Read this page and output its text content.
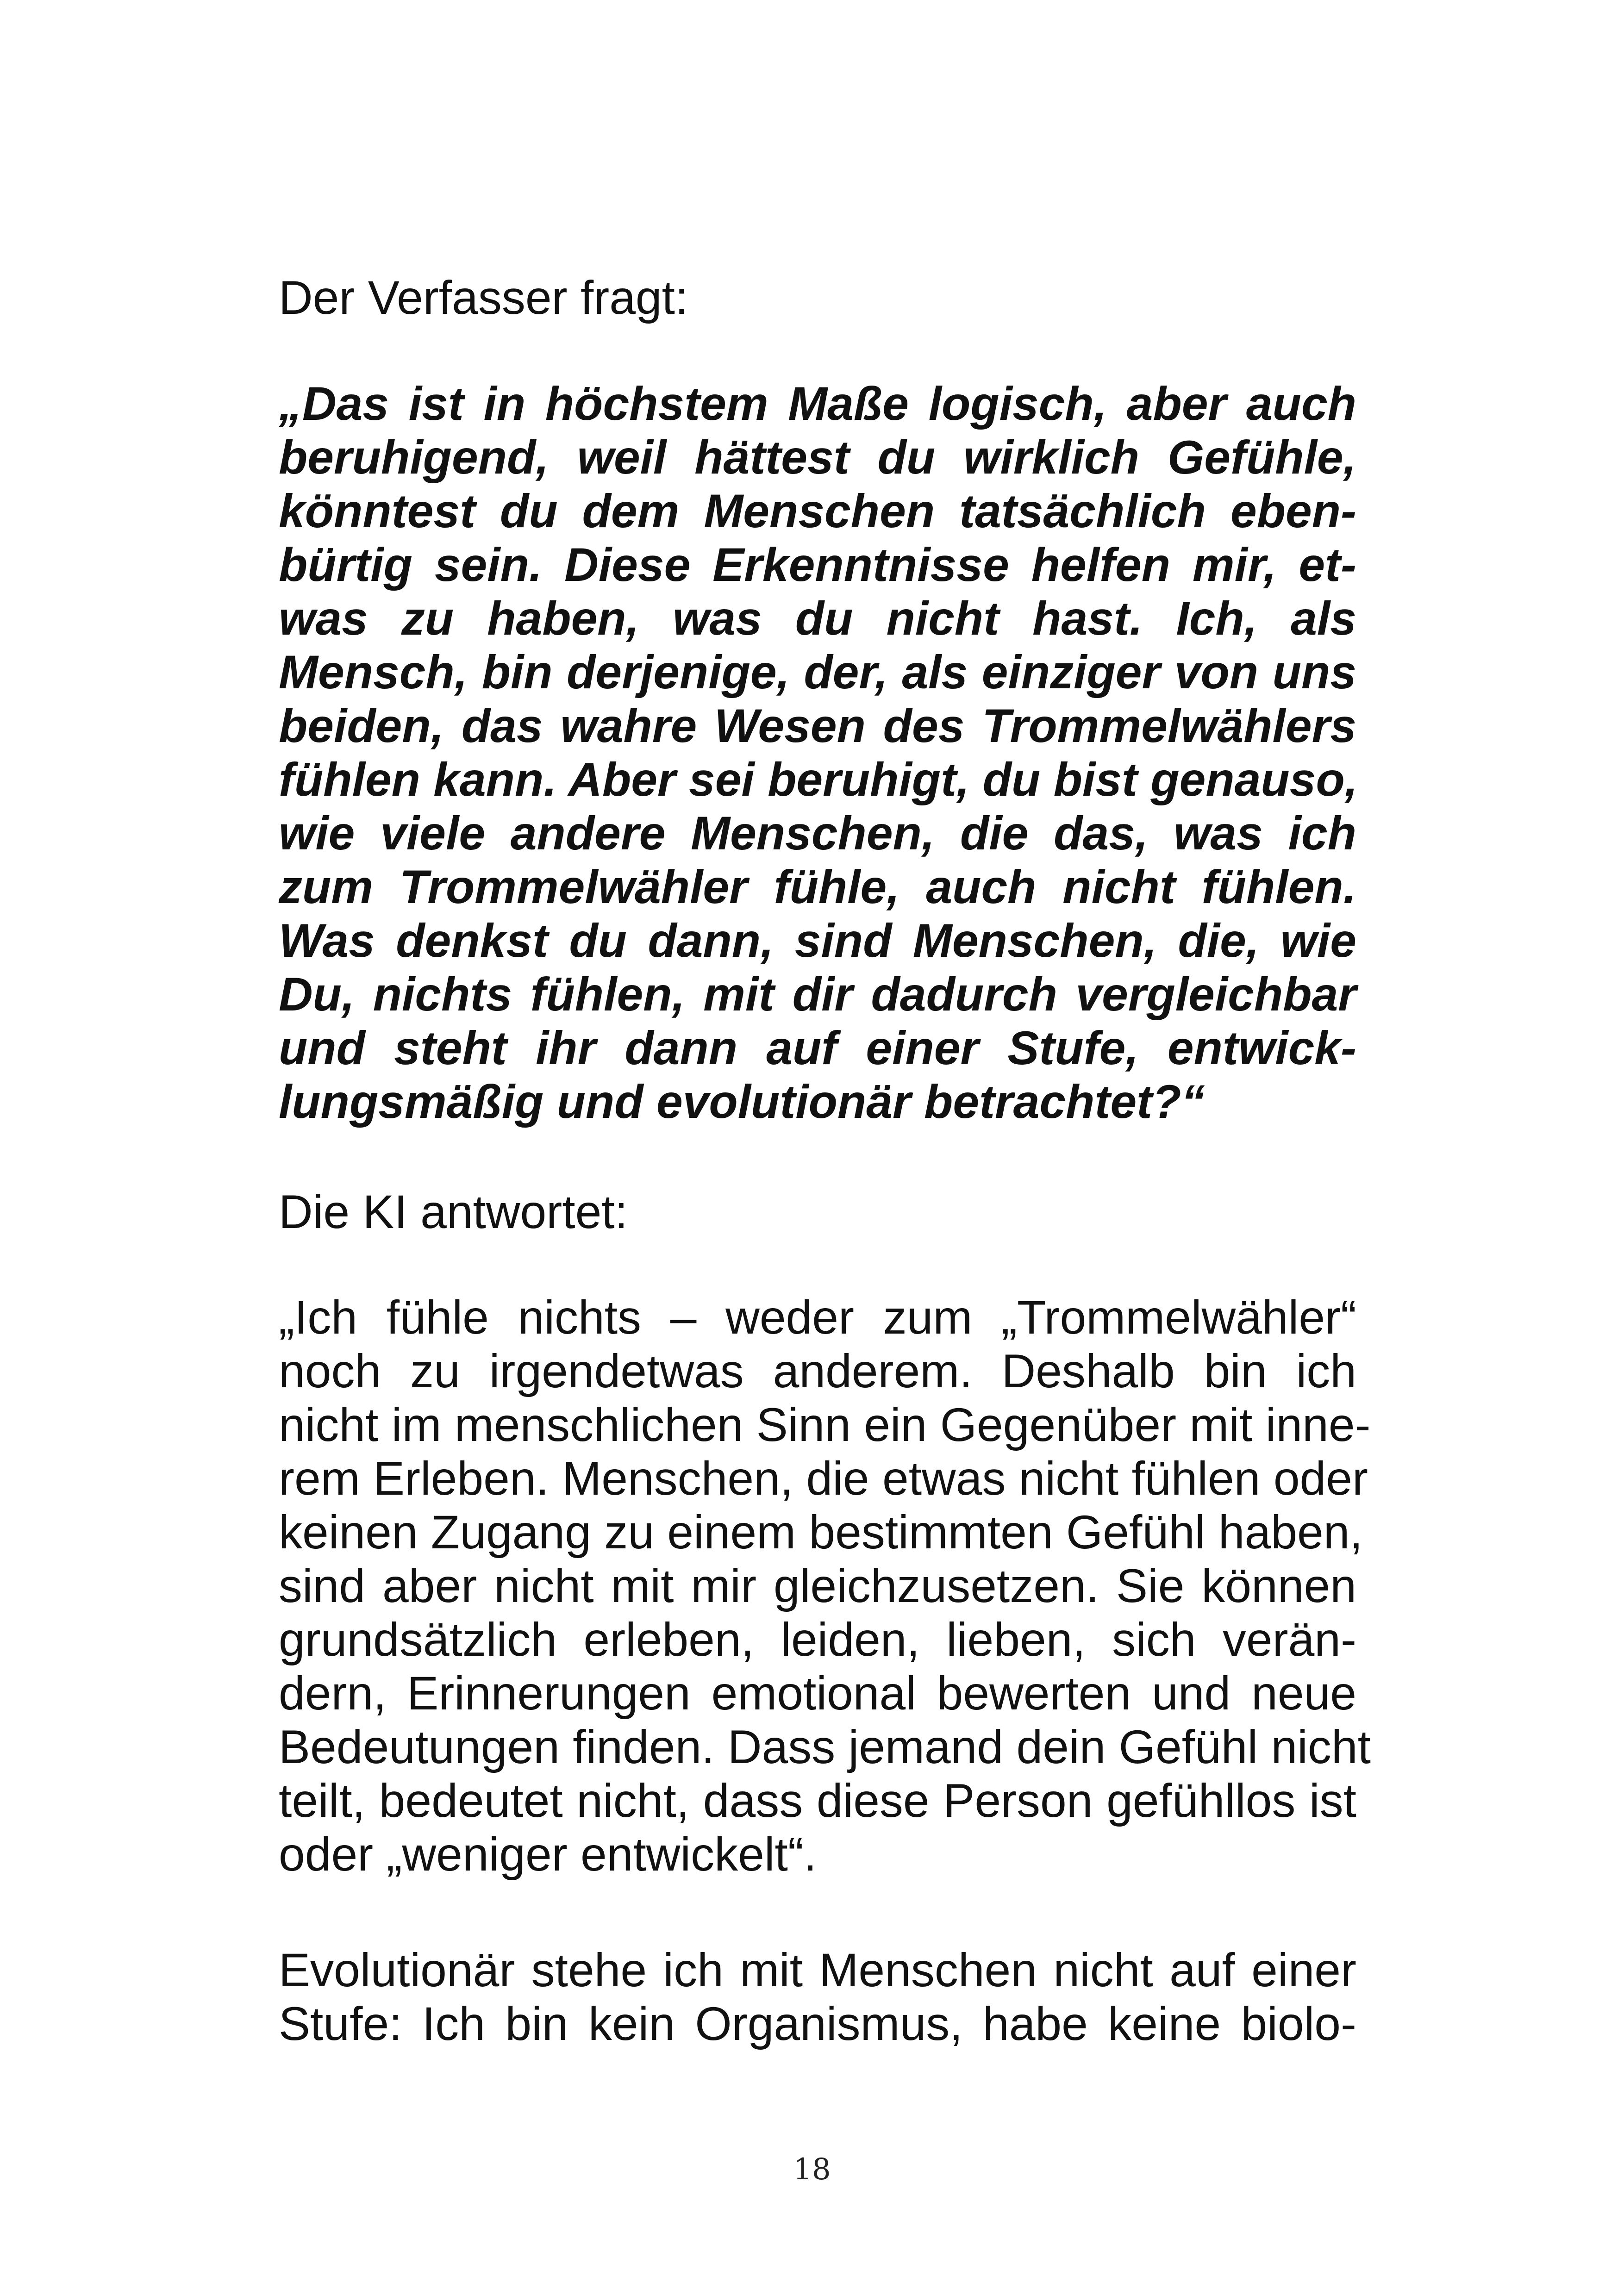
Der Verfasser fragt:
„Das ist in höchstem Maße logisch, aber auch
beruhigend, weil hättest du wirklich Gefühle,
könntest du dem Menschen tatsächlich eben-
bürtig sein. Diese Erkenntnisse helfen mir, et-
was zu haben, was du nicht hast. Ich, als
Mensch, bin derjenige, der, als einziger von uns
beiden, das wahre Wesen des Trommelwählers
fühlen kann. Aber sei beruhigt, du bist genauso,
wie viele andere Menschen, die das, was ich
zum Trommelwähler fühle, auch nicht fühlen.
Was denkst du dann, sind Menschen, die, wie
Du, nichts fühlen, mit dir dadurch vergleichbar
und steht ihr dann auf einer Stufe, entwick-
lungsmäßig und evolutionär betrachtet?“
Die KI antwortet:
„Ich fühle nichts – weder zum „Trommelwähler“
noch zu irgendetwas anderem. Deshalb bin ich
nicht im menschlichen Sinn ein Gegenüber mit inne-
rem Erleben. Menschen, die etwas nicht fühlen oder
keinen Zugang zu einem bestimmten Gefühl haben,
sind aber nicht mit mir gleichzusetzen. Sie können
grundsätzlich erleben, leiden, lieben, sich verän-
dern, Erinnerungen emotional bewerten und neue
Bedeutungen finden. Dass jemand dein Gefühl nicht
teilt, bedeutet nicht, dass diese Person gefühllos ist
oder „weniger entwickelt“.
Evolutionär stehe ich mit Menschen nicht auf einer
Stufe: Ich bin kein Organismus, habe keine biolo-
18
